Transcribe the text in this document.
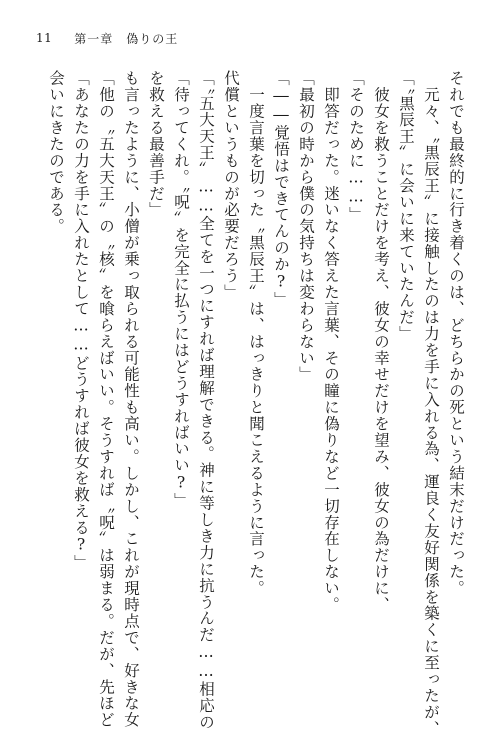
11 第一章　偽りの王
会いにきたのである。 「あなたの力を手に入れたとして……どうすれば彼女を救える?」 「他の〝五大天王〟の〝核〟を喰らえばいい。そうすれば〝呪〟は弱まる。だが、先ほど も言ったように、小僧が乗っ取られる可能性も高い。しかし、これが現時点で、好きな女 を救える最善手だ」 「待ってくれ。〝呪〟を完全に払うにはどうすればいい?」 「〝五大天王〟……全てを一つにすれば理解できる。神に等しき力に抗うんだ……相応の 代償というものが必要だろう」 　一度言葉を切った〝黒辰王〟は、はっきりと聞こえるように言った。 「――覚悟はできてんのか?」 「最初の時から僕の気持ちは変わらない」 　即答だった。迷いなく答えた言葉、その瞳に偽りなど一切存在しない。 「そのために……」 　彼女を救うことだけを考え、彼女の幸せだけを望み、彼女の為だけに、 「〝黒辰王〟に会いに来ていたんだ」 　元々、〝黒辰王〟に接触したのは力を手に入れる為、運良く友好関係を築くに至ったが、 それでも最終的に行き着くのは、どちらかの死という結末だけだった。
